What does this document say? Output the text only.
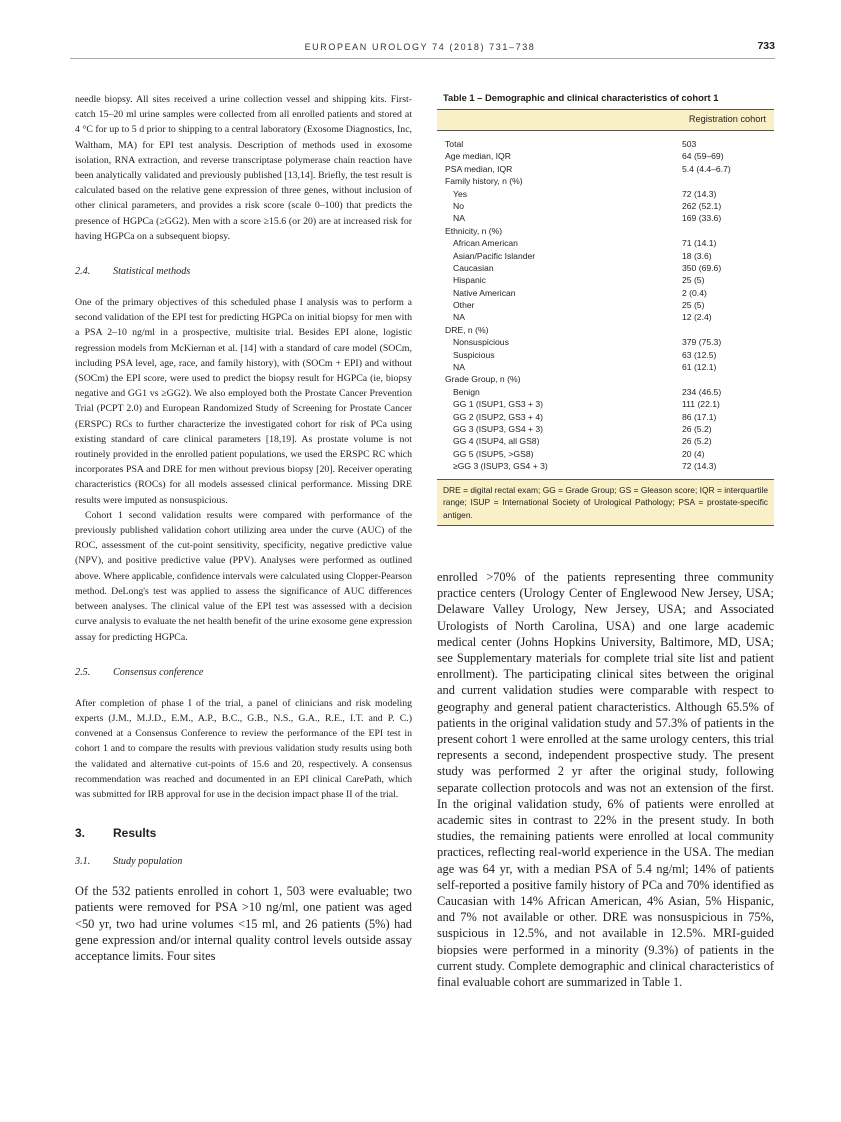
EUROPEAN UROLOGY 74 (2018) 731–738	733

needle biopsy. All sites received a urine collection vessel and shipping kits. First-catch 15–20 ml urine samples were collected from all enrolled patients and stored at 4 °C for up to 5 d prior to shipping to a central laboratory (Exosome Diagnostics, Inc, Waltham, MA) for EPI test analysis. Description of methods used in exosome isolation, RNA extraction, and reverse transcriptase polymerase chain reaction have been analytically validated and previously published [13,14]. Briefly, the test result is calculated based on the relative gene expression of three genes, without inclusion of other clinical parameters, and provides a risk score (scale 0–100) that predicts the presence of HGPCa (≥GG2). Men with a score ≥15.6 (or 20) are at increased risk for having HGPCa on a subsequent biopsy.

2.4.	Statistical methods

One of the primary objectives of this scheduled phase I analysis was to perform a second validation of the EPI test for predicting HGPCa on initial biopsy for men with a PSA 2–10 ng/ml in a prospective, multisite trial. Besides EPI alone, logistic regression models from McKiernan et al. [14] with a standard of care model (SOCm, including PSA level, age, race, and family history), with (SOCm + EPI) and without (SOCm) the EPI score, were used to predict the biopsy result for HGPCa (ie, biopsy negative and GG1 vs ≥GG2). We also employed both the Prostate Cancer Prevention Trial (PCPT 2.0) and European Randomized Study of Screening for Prostate Cancer (ERSPC) RCs to further characterize the investigated cohort for risk of PCa using existing standard of care clinical parameters [18,19]. As prostate volume is not routinely provided in the enrolled patient populations, we used the ERSPC RC which incorporates PSA and DRE for men without previous biopsy [20]. Receiver operating characteristics (ROCs) for all models assessed clinical performance. Missing DRE results were imputed as nonsuspicious.

Cohort 1 second validation results were compared with performance of the previously published validation cohort utilizing area under the curve (AUC) of the ROC, assessment of the cut-point sensitivity, specificity, negative predictive value (NPV), and positive predictive value (PPV). Analyses were performed as outlined above. Where applicable, confidence intervals were calculated using Clopper-Pearson method. DeLong's test was applied to assess the significance of AUC differences between analyses. The clinical value of the EPI test was assessed with a decision curve analysis to evaluate the net health benefit of the urine exosome gene expression assay for predicting HGPCa.

2.5.	Consensus conference

After completion of phase I of the trial, a panel of clinicians and risk modeling experts (J.M., M.J.D., E.M., A.P., B.C., G.B., N.S., G.A., R.E., I.T. and P. C.) convened at a Consensus Conference to review the performance of the EPI test in cohort 1 and to compare the results with previous validation study results using both the validated and alternative cut-points of 15.6 and 20, respectively. A consensus recommendation was reached and documented in an EPI clinical CarePath, which was submitted for IRB approval for use in the decision impact phase II of the trial.

3.	Results
3.1.	Study population

Of the 532 patients enrolled in cohort 1, 503 were evaluable; two patients were removed for PSA >10 ng/ml, one patient was aged <50 yr, two had urine volumes <15 ml, and 26 patients (5%) had gene expression and/or internal quality control levels outside assay acceptance limits. Four sites

Table 1 – Demographic and clinical characteristics of cohort 1
Registration cohort
Total	503
Age median, IQR	64 (59–69)
PSA median, IQR	5.4 (4.4–6.7)
Family history, n (%)
Yes	72 (14.3)
No	262 (52.1)
NA	169 (33.6)
Ethnicity, n (%)
African American	71 (14.1)
Asian/Pacific Islander	18 (3.6)
Caucasian	350 (69.6)
Hispanic	25 (5)
Native American	2 (0.4)
Other	25 (5)
NA	12 (2.4)
DRE, n (%)
Nonsuspicious	379 (75.3)
Suspicious	63 (12.5)
NA	61 (12.1)
Grade Group, n (%)
Benign	234 (46.5)
GG 1 (ISUP1, GS3 + 3)	111 (22.1)
GG 2 (ISUP2, GS3 + 4)	86 (17.1)
GG 3 (ISUP3, GS4 + 3)	26 (5.2)
GG 4 (ISUP4, all GS8)	26 (5.2)
GG 5 (ISUP5, >GS8)	20 (4)
≥GG 3 (ISUP3, GS4 + 3)	72 (14.3)
DRE = digital rectal exam; GG = Grade Group; GS = Gleason score; IQR = interquartile range; ISUP = International Society of Urological Pathology; PSA = prostate-specific antigen.

enrolled >70% of the patients representing three community practice centers (Urology Center of Englewood New Jersey, USA; Delaware Valley Urology, New Jersey, USA; and Associated Urologists of North Carolina, USA) and one large academic medical center (Johns Hopkins University, Baltimore, MD, USA; see Supplementary materials for complete trial site list and patient enrollment). The participating clinical sites between the original and current validation studies were comparable with respect to geography and general patient characteristics. Although 65.5% of patients in the original validation study and 57.3% of patients in the present cohort 1 were enrolled at the same urology centers, this trial represents a second, independent prospective study. The present study was performed 2 yr after the original study, following separate collection protocols and was not an extension of the first. In the original validation study, 6% of patients were enrolled at academic sites in contrast to 22% in the present study. In both studies, the remaining patients were enrolled at local community practices, reflecting real-world experience in the USA. The median age was 64 yr, with a median PSA of 5.4 ng/ml; 14% of patients self-reported a positive family history of PCa and 70% identified as Caucasian with 14% African American, 4% Asian, 5% Hispanic, and 7% not available or other. DRE was nonsuspicious in 75%, suspicious in 12.5%, and not available in 12.5%. MRI-guided biopsies were performed in a minority (9.3%) of patients in the current study. Complete demographic and clinical characteristics of final evaluable cohort are summarized in Table 1.
